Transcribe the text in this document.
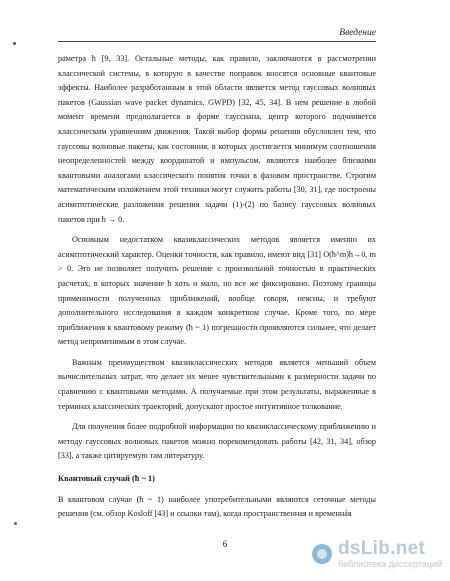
Введение

раметра ħ [9, 33]. Остальные методы, как правило, заключаются в рассмотрении классической системы, в которую в качестве поправок вносятся основные квантовые эффекты. Наиболее разработанным в этой области является метод гауссовых волновых пакетов (Gaussian wave packet dynamics, GWPD) [32, 45, 34]. В нем решение в любой момент времени предполагается в форме гауссиана, центр которого подчиняется классическим уравнениям движения. Такой выбор формы решения обусловлен тем, что гауссовы волновые пакеты, как состояния, в которых достигается минимум соотношения неопределенностей между координатой и импульсом, являются наиболее близкими квантовыми аналогами классического понятия точки в фазовом пространстве. Строгим математическим изложением этой техники могут служить работы [30, 31], где построены асимптотические разложения решения задачи (1)-(2) по базису гауссовых волновых пакетов при ħ → 0.

Основным недостатком квазиклассических методов является именно их асимптотический характер. Оценки точности, как правило, имеют вид [31] O(ħ^m)ħ→0, m > 0. Это не позволяет получить решение с произвольной точностью в практических расчетах, в которых значение ħ хоть и мало, но все же фиксировано. Поэтому границы применимости полученных приближений, вообще говоря, неясны, и требуют дополнительного исследования в каждом конкретном случае. Кроме того, по мере приближения к квантовому режиму (ħ ~ 1) погрешности проявляются сильнее, что делает метод неприменимым в этом случае.

Важным преимуществом квазиклассических методов является меньший объем вычислительных затрат, что делает их менее чувствительными к размерности задачи по сравнению с квантовыми методами. А получаемые при этом результаты, выраженные в терминах классических траекторий, допускают простое интуитивное толкование.

Для получения более подробной информации по квазиклассическому приближению и методу гауссовых волновых пакетов можно порекомендовать работы [42, 31, 34], обзор [33], а также цитируемую там литературу.

Квантовый случай (ħ ~ 1)

В квантовом случае (ħ ~ 1) наиболее употребительными являются сеточные методы решения (см. обзор Kosloff [43] и ссылки там), когда пространственная и временнáя

6	dsLib.net
библиотека диссертаций
